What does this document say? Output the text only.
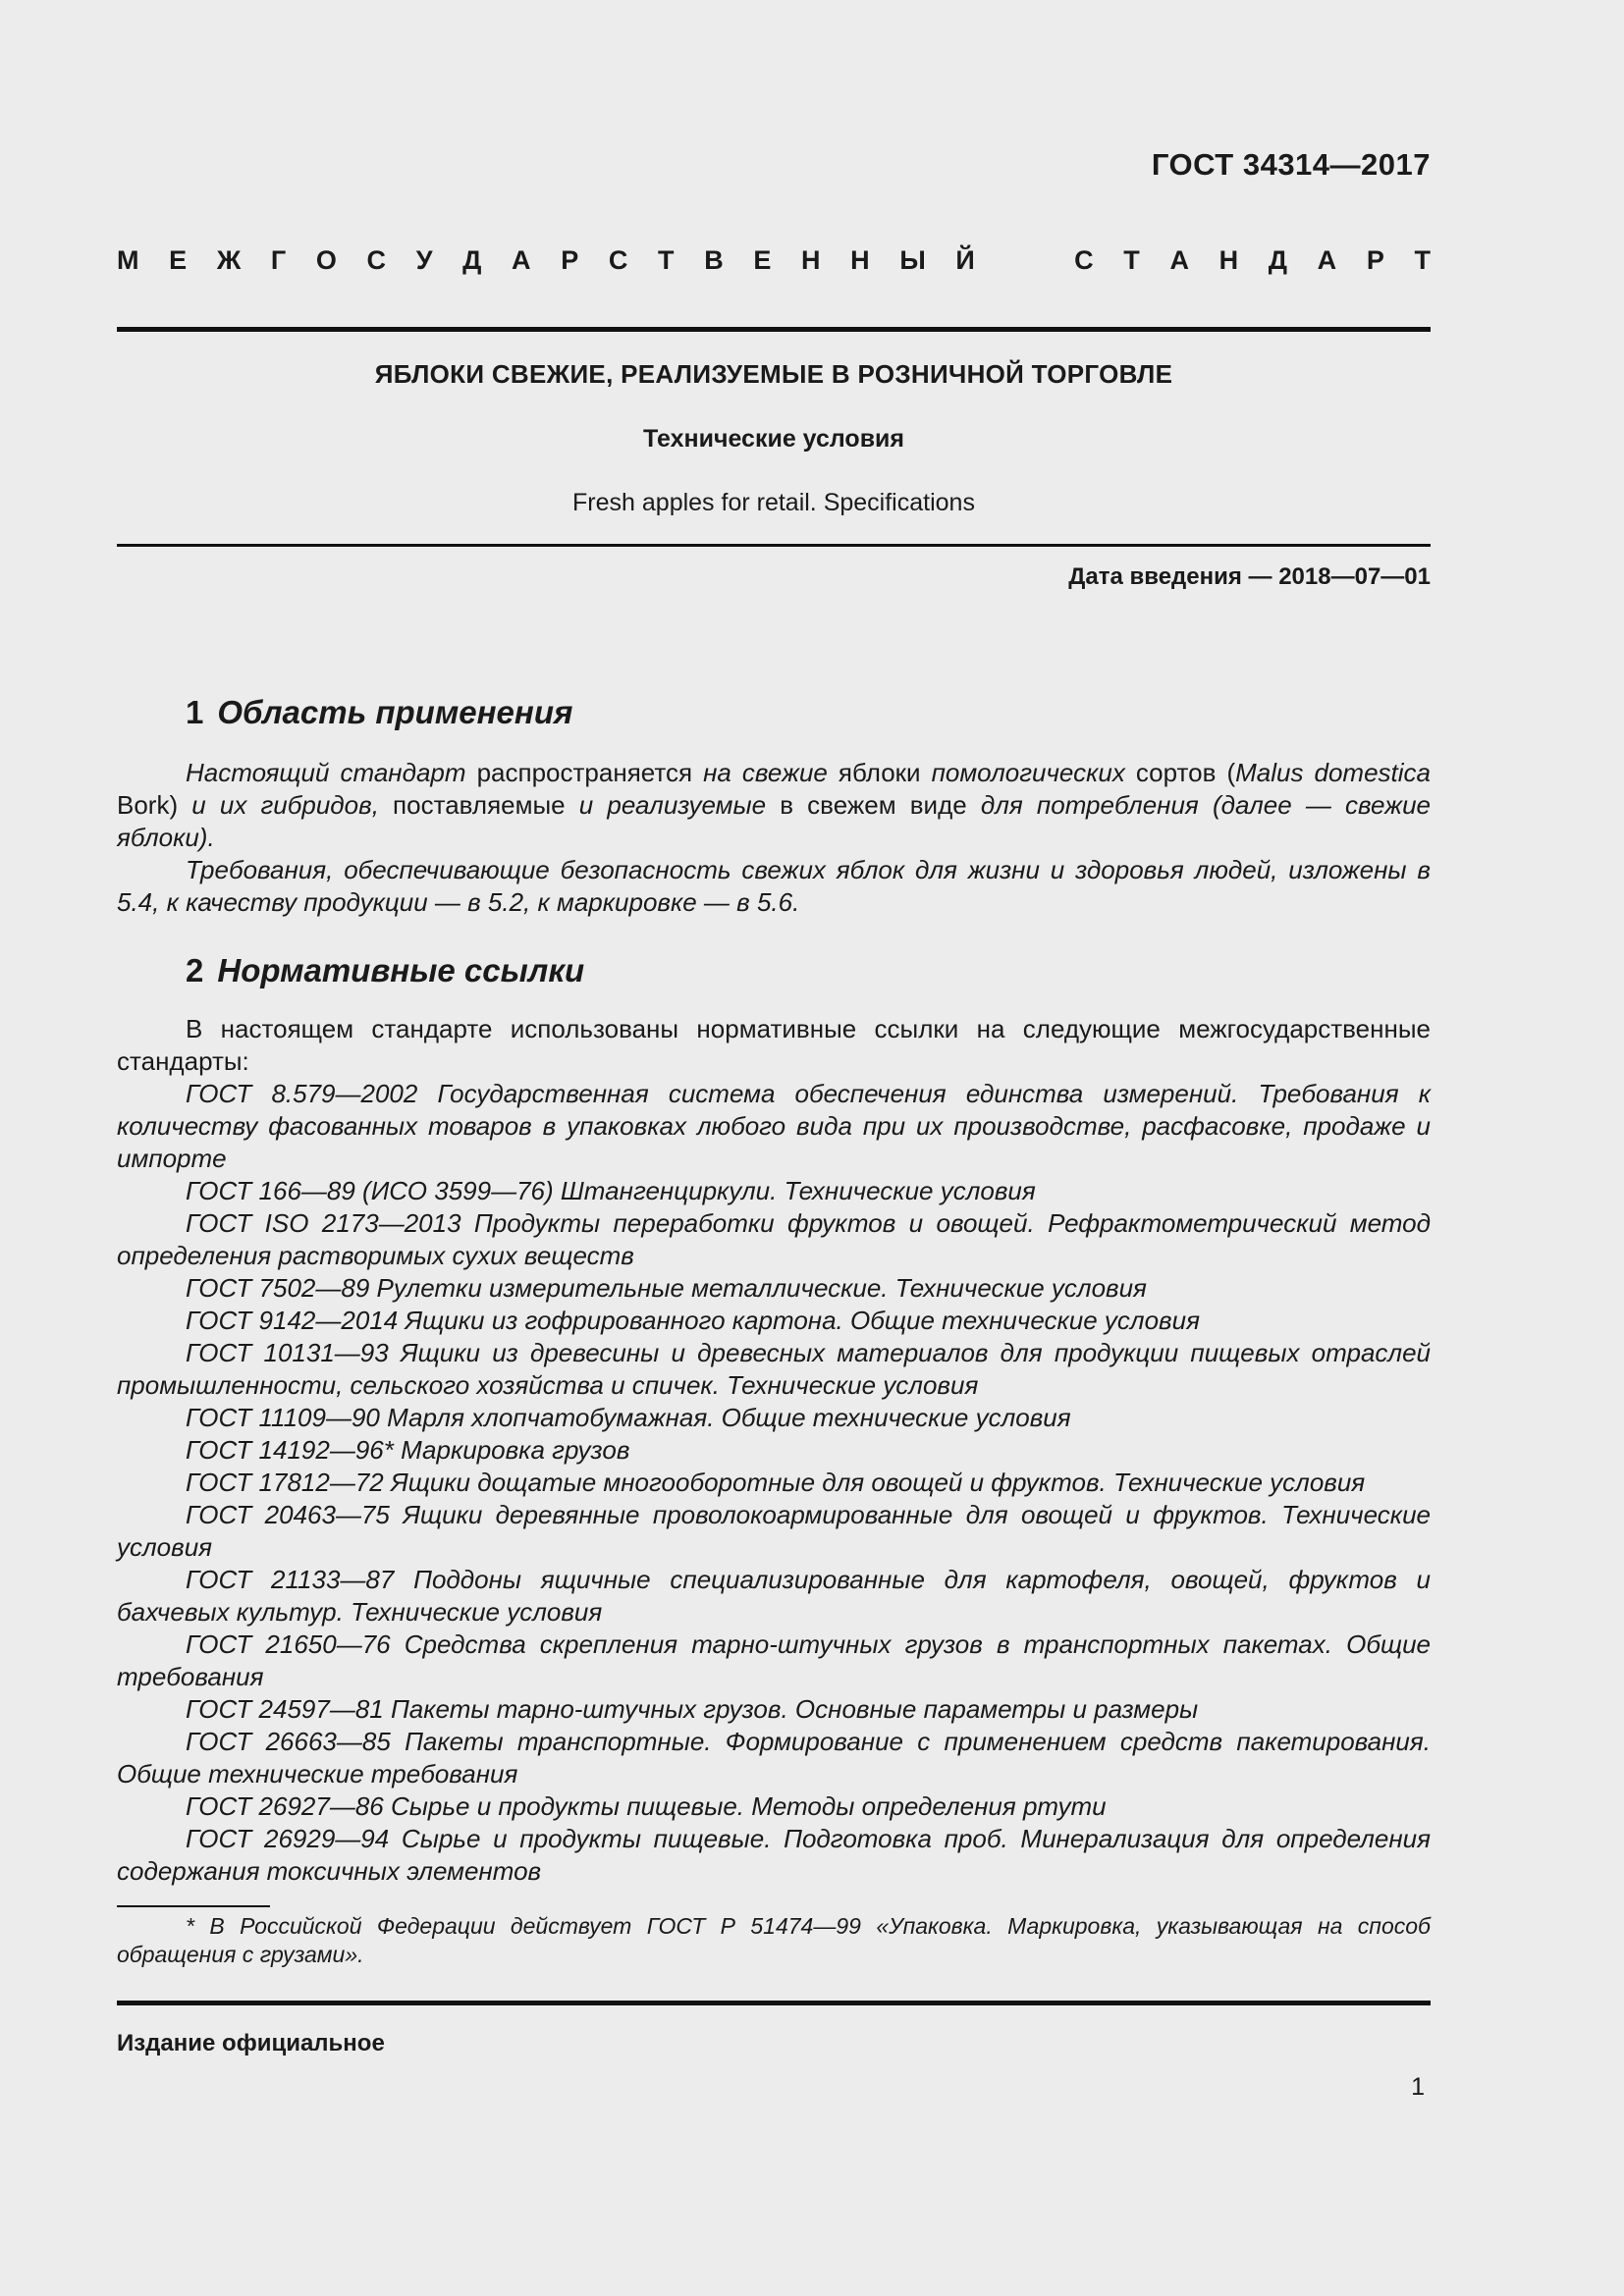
ГОСТ 34314—2017
М Е Ж Г О С У Д А Р С Т В Е Н Н Ы Й	С Т А Н Д А Р Т
ЯБЛОКИ СВЕЖИЕ, РЕАЛИЗУЕМЫЕ В РОЗНИЧНОЙ ТОРГОВЛЕ
Технические условия
Fresh apples for retail. Specifications
Дата введения — 2018—07—01
1 Область применения

Настоящий стандарт распространяется на свежие яблоки помологических сортов (Malus domestica Bork) и их гибридов, поставляемые и реализуемые в свежем виде для потребления (далее — свежие яблоки).

Требования, обеспечивающие безопасность свежих яблок для жизни и здоровья людей, изложены в 5.4, к качеству продукции — в 5.2, к маркировке — в 5.6.

2 Нормативные ссылки

В настоящем стандарте использованы нормативные ссылки на следующие межгосударственные стандарты:

ГОСТ 8.579—2002 Государственная система обеспечения единства измерений. Требования к количеству фасованных товаров в упаковках любого вида при их производстве, расфасовке, продаже и импорте

ГОСТ 166—89 (ИСО 3599—76) Штангенциркули. Технические условия

ГОСТ ISO 2173—2013 Продукты переработки фруктов и овощей. Рефрактометрический метод определения растворимых сухих веществ

ГОСТ 7502—89 Рулетки измерительные металлические. Технические условия

ГОСТ 9142—2014 Ящики из гофрированного картона. Общие технические условия

ГОСТ 10131—93 Ящики из древесины и древесных материалов для продукции пищевых отраслей промышленности, сельского хозяйства и спичек. Технические условия

ГОСТ 11109—90 Марля хлопчатобумажная. Общие технические условия

ГОСТ 14192—96* Маркировка грузов

ГОСТ 17812—72 Ящики дощатые многооборотные для овощей и фруктов. Технические условия

ГОСТ 20463—75 Ящики деревянные проволокоармированные для овощей и фруктов. Технические условия

ГОСТ 21133—87 Поддоны ящичные специализированные для картофеля, овощей, фруктов и бахчевых культур. Технические условия

ГОСТ 21650—76 Средства скрепления тарно-штучных грузов в транспортных пакетах. Общие требования

ГОСТ 24597—81 Пакеты тарно-штучных грузов. Основные параметры и размеры

ГОСТ 26663—85 Пакеты транспортные. Формирование с применением средств пакетирования. Общие технические требования

ГОСТ 26927—86 Сырье и продукты пищевые. Методы определения ртути

ГОСТ 26929—94 Сырье и продукты пищевые. Подготовка проб. Минерализация для определения содержания токсичных элементов

* В Российской Федерации действует ГОСТ Р 51474—99 «Упаковка. Маркировка, указывающая на способ обращения с грузами».
Издание официальное
1
